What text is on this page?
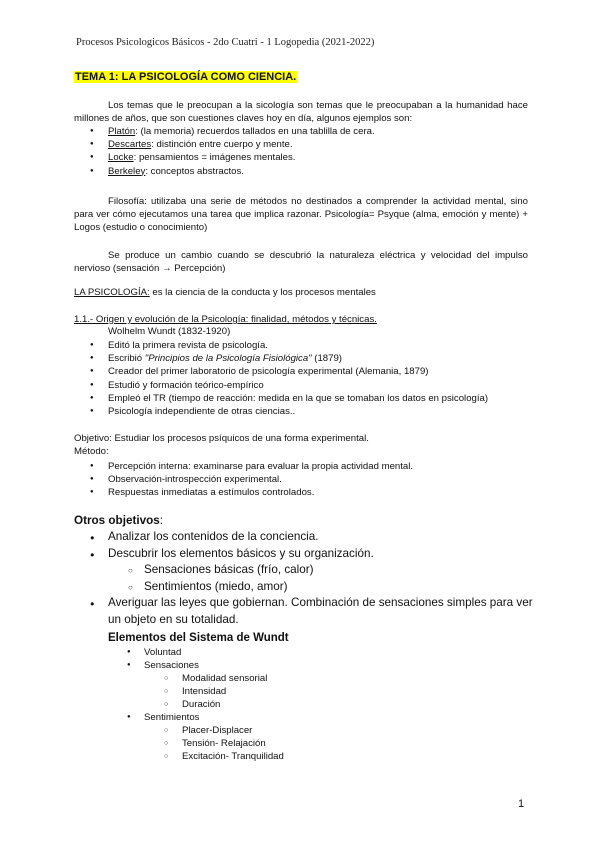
Procesos Psicologicos Básicos - 2do Cuatri - 1 Logopedia (2021-2022)
TEMA 1: LA PSICOLOGÍA COMO CIENCIA.
Los temas que le preocupan a la sicología son temas que le preocupaban a la humanidad hace millones de años, que son cuestiones claves hoy en día, algunos ejemplos son:
● Platón: (la memoria) recuerdos tallados en una tablilla de cera.
● Descartes: distinción entre cuerpo y mente.
● Locke: pensamientos = imágenes mentales.
● Berkeley: conceptos abstractos.
Filosofía: utilizaba una serie de métodos no destinados a comprender la actividad mental, sino para ver cómo ejecutamos una tarea que implica razonar. Psicología= Psyque (alma, emoción y mente) + Logos (estudio o conocimiento)
Se produce un cambio cuando se descubrió la naturaleza eléctrica y velocidad del impulso nervioso (sensación → Percepción)
LA PSICOLOGÍA: es la ciencia de la conducta y los procesos mentales
1.1.- Origen y evolución de la Psicología: finalidad, métodos y técnicas.
Wolhelm Wundt (1832-1920)
● Editó la primera revista de psicología.
● Escribió "Principios de la Psicología Fisiológica" (1879)
● Creador del primer laboratorio de psicología experimental (Alemania, 1879)
● Estudió y formación teórico-empírico
● Empleó el TR (tiempo de reacción: medida en la que se tomaban los datos en psicología)
● Psicología independiente de otras ciencias..
Objetivo: Estudiar los procesos psíquicos de una forma experimental.
Método:
● Percepción interna: examinarse para evaluar la propia actividad mental.
● Observación-introspección experimental.
● Respuestas inmediatas a estímulos controlados.
Otros objetivos:
● Analizar los contenidos de la conciencia.
● Descubrir los elementos básicos y su organización.
○ Sensaciones básicas (frío, calor)
○ Sentimientos (miedo, amor)
● Averiguar las leyes que gobiernan. Combinación de sensaciones simples para ver un objeto en su totalidad.
Elementos del Sistema de Wundt
● Voluntad
● Sensaciones
○ Modalidad sensorial
○ Intensidad
○ Duración
● Sentimientos
○ Placer-Displacer
○ Tensión- Relajación
○ Excitación- Tranquilidad
1
